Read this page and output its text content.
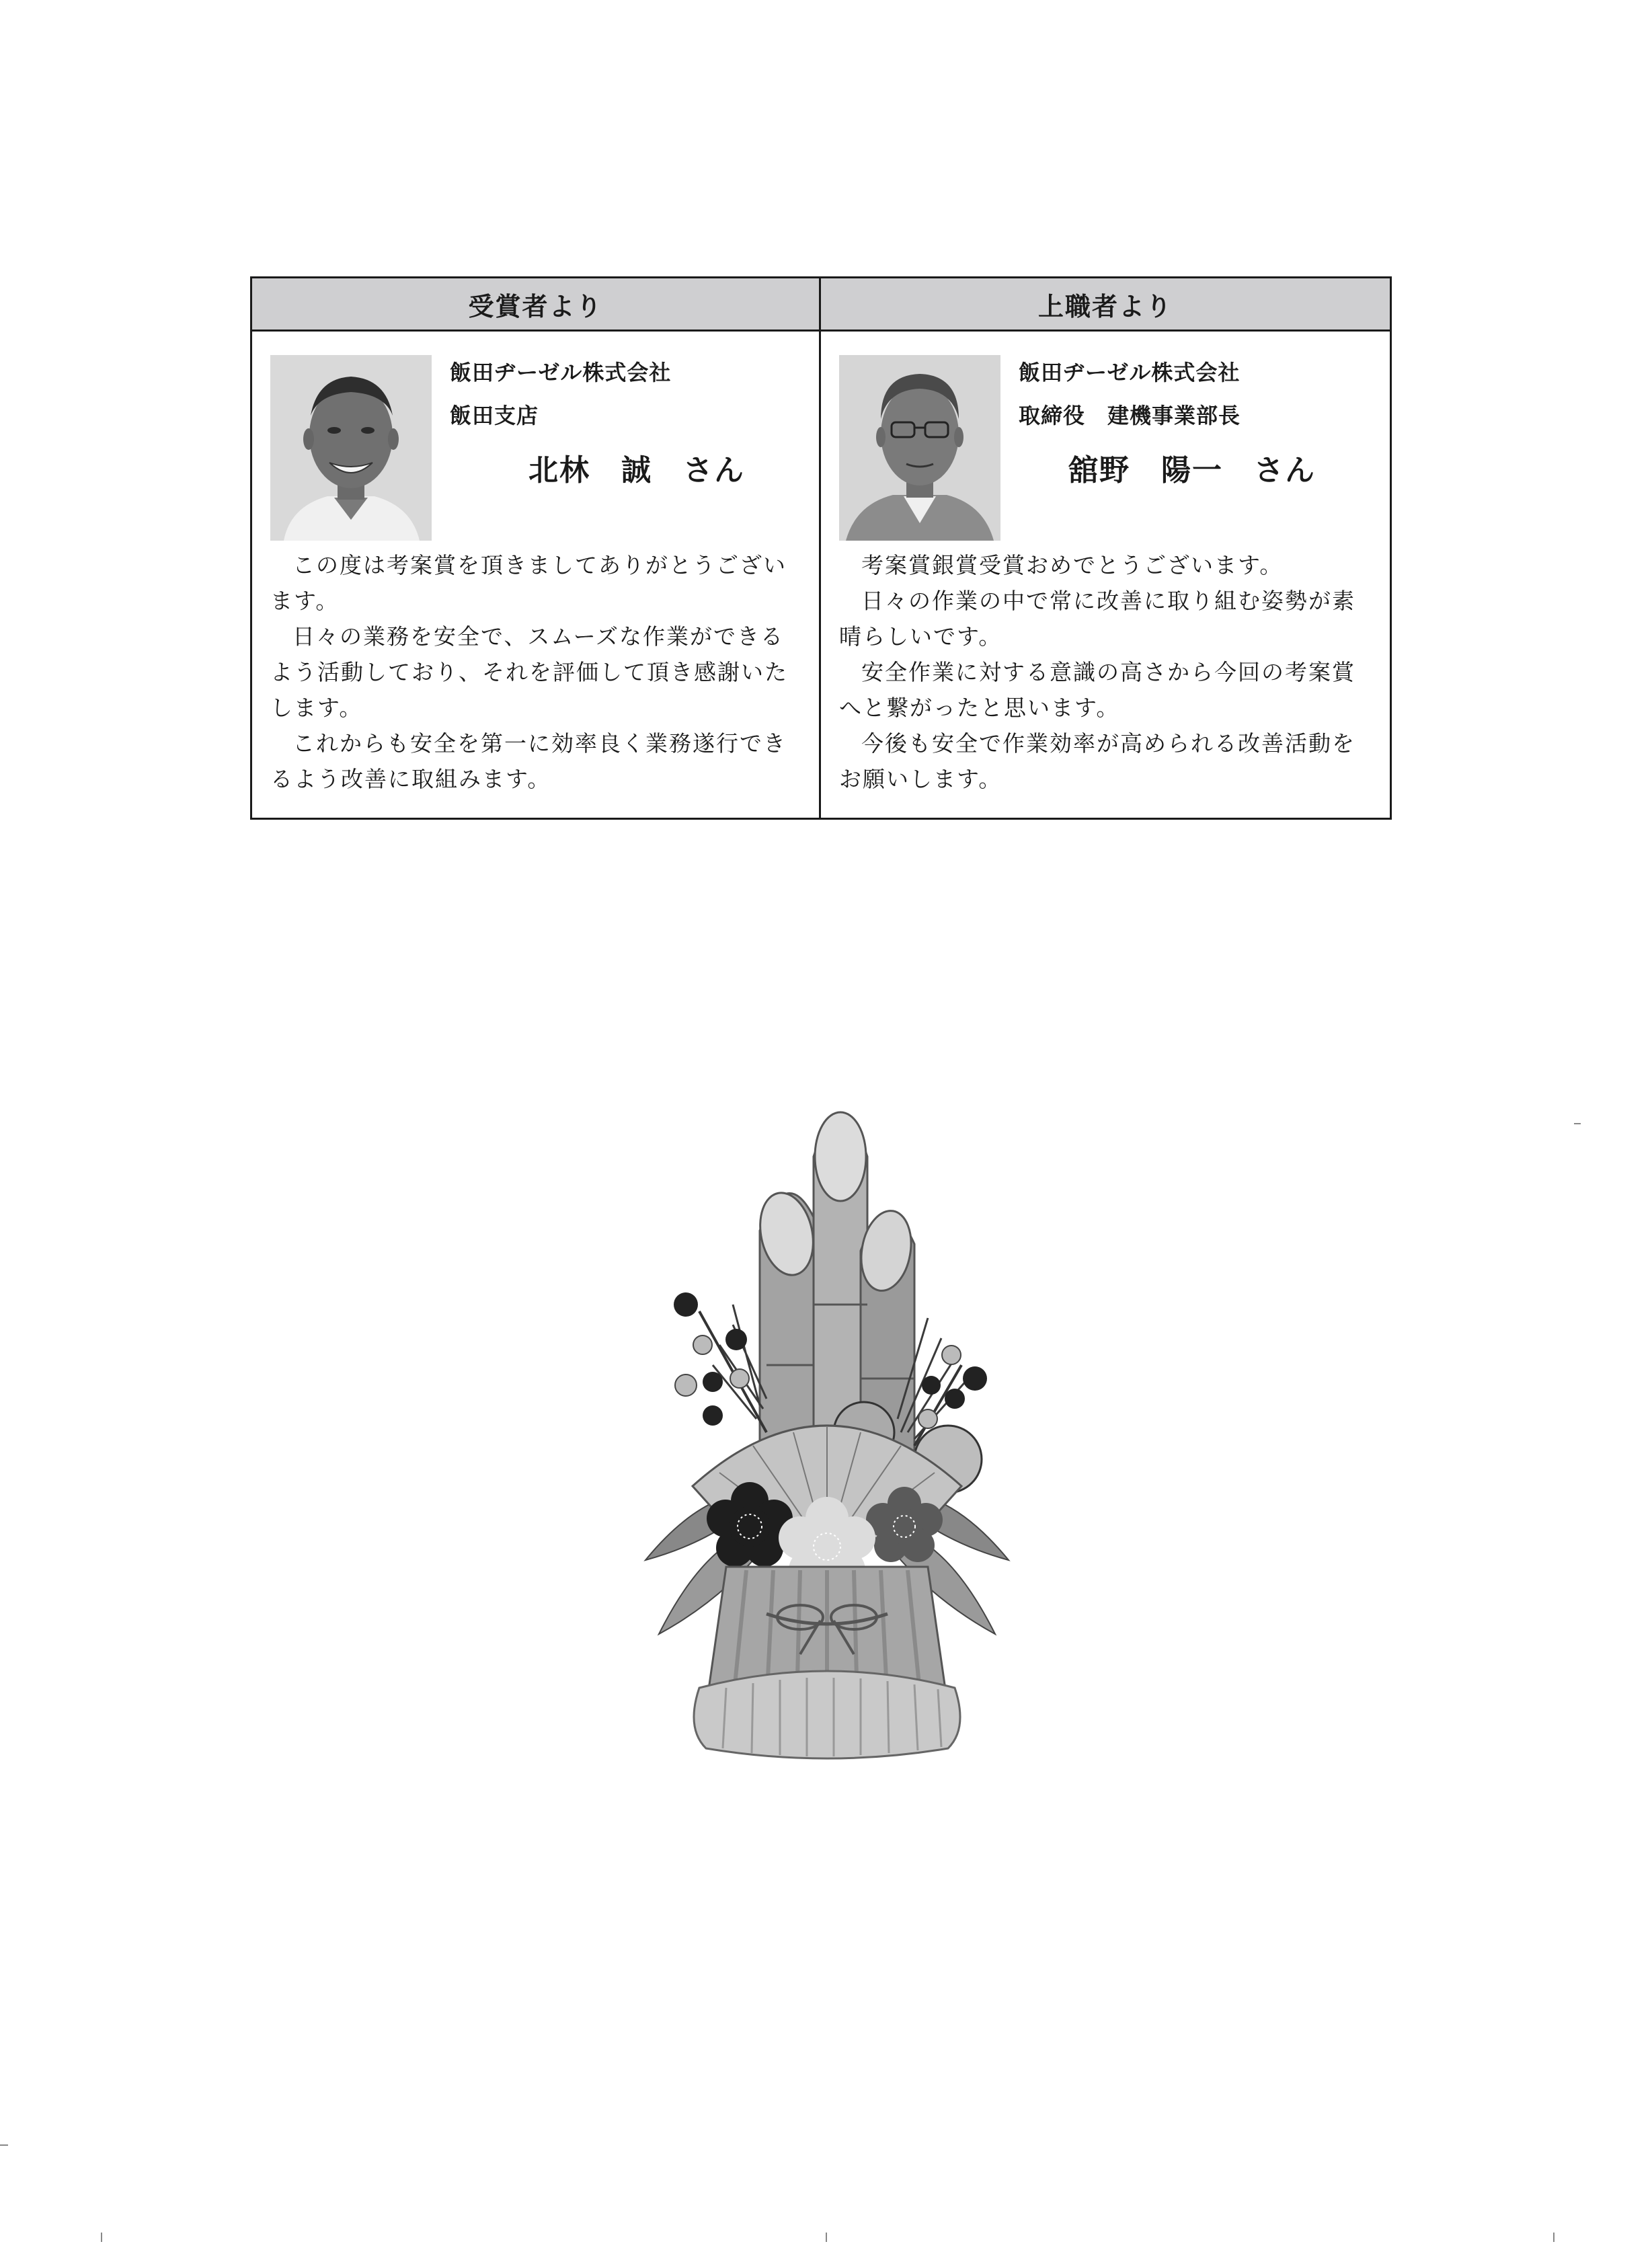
受賞者より
飯田ヂーゼル株式会社
飯田支店
北林　誠　さん

この度は考案賞を頂きましてありがとうございます。

日々の業務を安全で、スムーズな作業ができるよう活動しており、それを評価して頂き感謝いたします。

これからも安全を第一に効率良く業務遂行できるよう改善に取組みます。

上職者より
飯田ヂーゼル株式会社
取締役　建機事業部長
舘野　陽一　さん

考案賞銀賞受賞おめでとうございます。

日々の作業の中で常に改善に取り組む姿勢が素晴らしいです。

安全作業に対する意識の高さから今回の考案賞へと繋がったと思います。

今後も安全で作業効率が高められる改善活動をお願いします。
